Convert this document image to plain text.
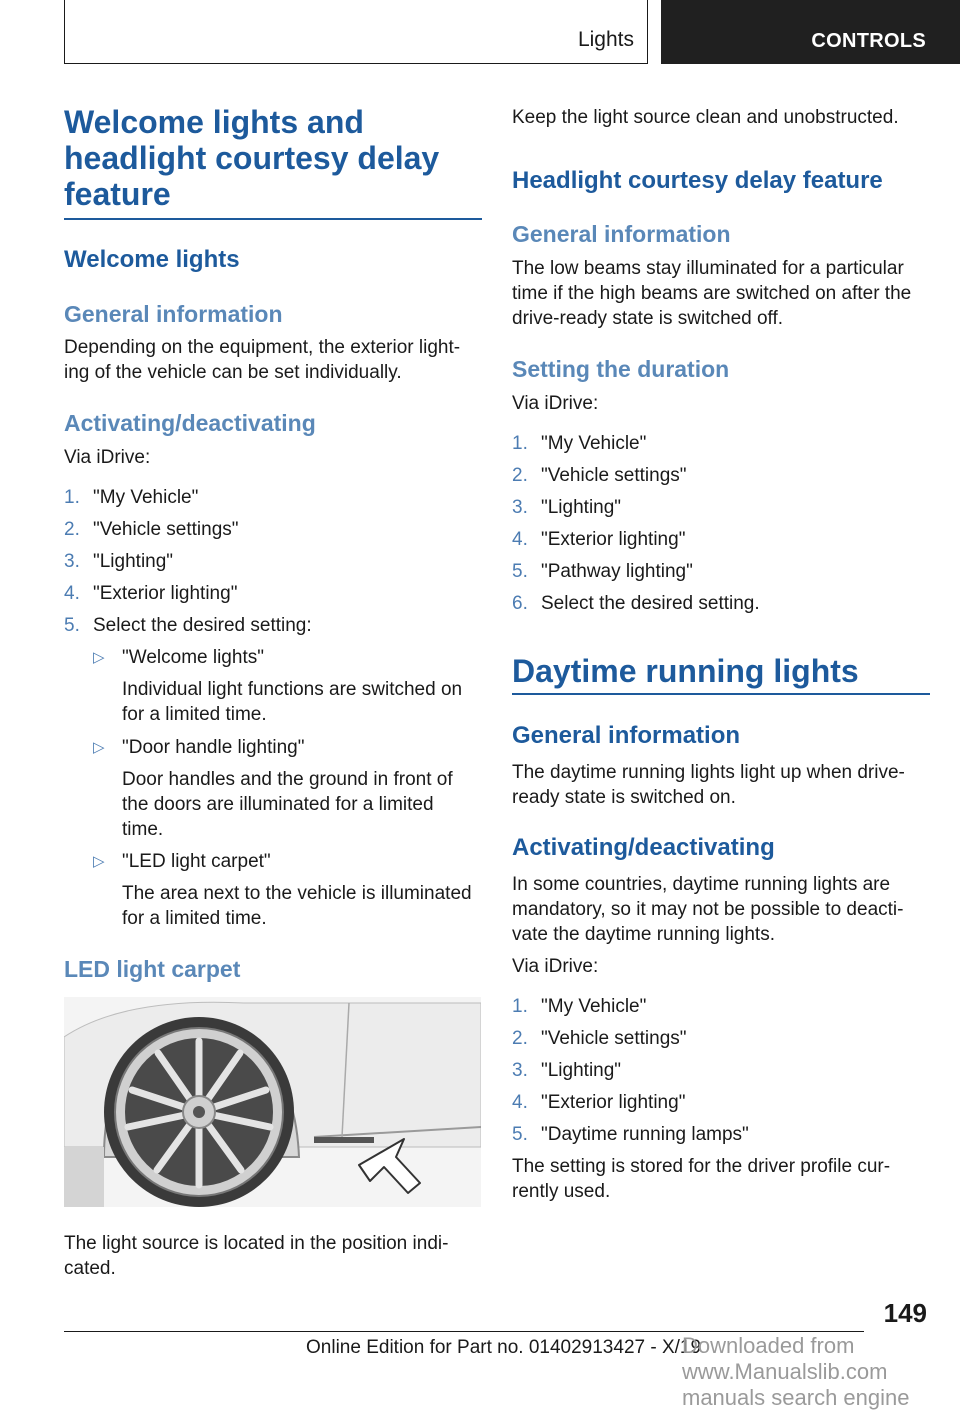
Lights	CONTROLS
Welcome lights and
headlight courtesy delay
feature
Welcome lights
General information
Depending on the equipment, the exterior light-
ing of the vehicle can be set individually.
Activating/deactivating
Via iDrive:
1. "My Vehicle"
2. "Vehicle settings"
3. "Lighting"
4. "Exterior lighting"
5. Select the desired setting:
▷ "Welcome lights"
Individual light functions are switched on
for a limited time.
▷ "Door handle lighting"
Door handles and the ground in front of
the doors are illuminated for a limited
time.
▷ "LED light carpet"
The area next to the vehicle is illuminated
for a limited time.
LED light carpet
The light source is located in the position indi-
cated.
Keep the light source clean and unobstructed.
Headlight courtesy delay feature
General information
The low beams stay illuminated for a particular
time if the high beams are switched on after the
drive-ready state is switched off.
Setting the duration
Via iDrive:
1. "My Vehicle"
2. "Vehicle settings"
3. "Lighting"
4. "Exterior lighting"
5. "Pathway lighting"
6. Select the desired setting.
Daytime running lights
General information
The daytime running lights light up when drive-
ready state is switched on.
Activating/deactivating
In some countries, daytime running lights are
mandatory, so it may not be possible to deacti-
vate the daytime running lights.
Via iDrive:
1. "My Vehicle"
2. "Vehicle settings"
3. "Lighting"
4. "Exterior lighting"
5. "Daytime running lamps"
The setting is stored for the driver profile cur-
rently used.
149
Online Edition for Part no. 01402913427 - X/19
Downloaded from www.Manualslib.com manuals search engine
